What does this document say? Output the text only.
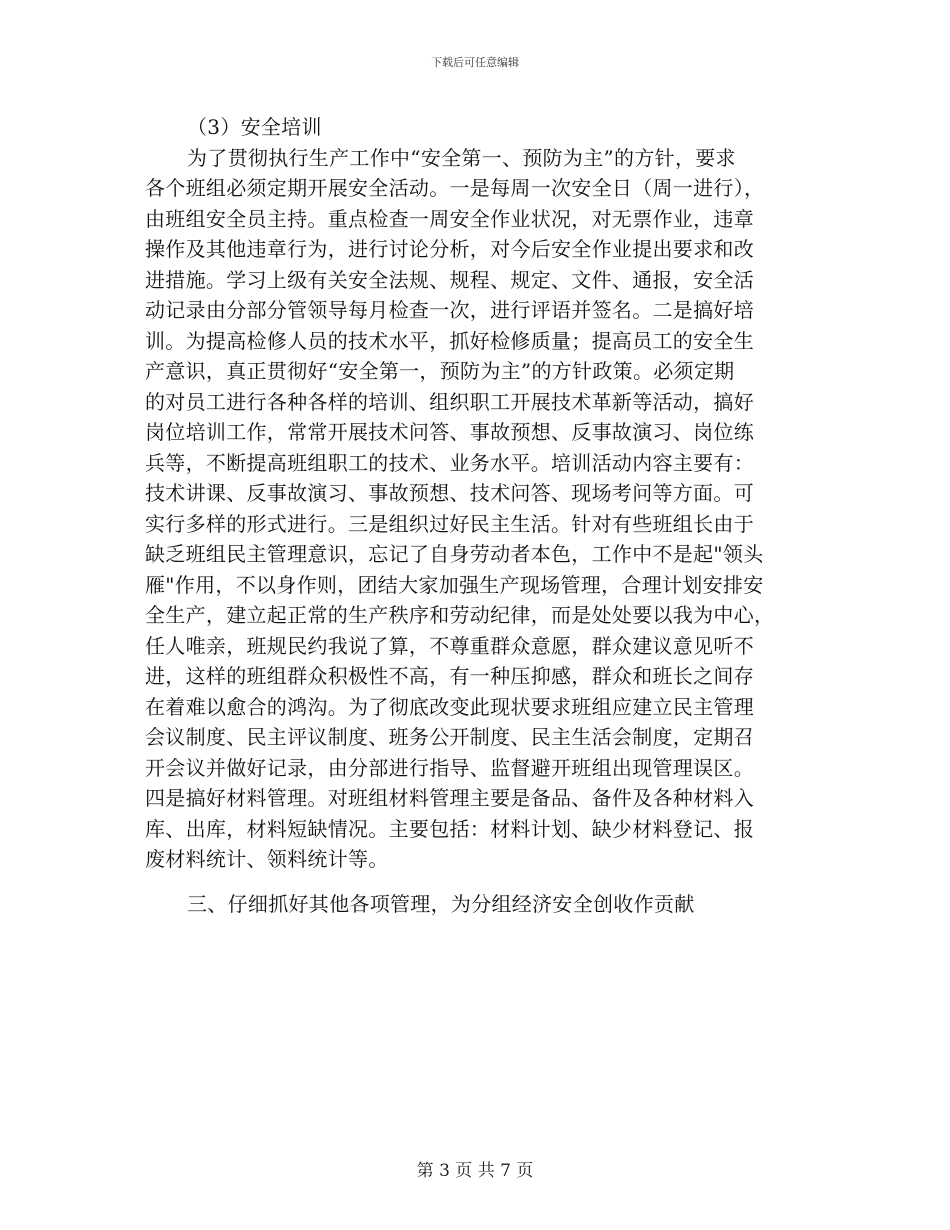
下载后可任意编辑
（3）安全培训
为了贯彻执行生产工作中“安全第一、预防为主”的方针，要求
各个班组必须定期开展安全活动。一是每周一次安全日（周一进行），
由班组安全员主持。重点检查一周安全作业状况，对无票作业，违章
操作及其他违章行为，进行讨论分析，对今后安全作业提出要求和改
进措施。学习上级有关安全法规、规程、规定、文件、通报，安全活
动记录由分部分管领导每月检查一次，进行评语并签名。二是搞好培
训。为提高检修人员的技术水平，抓好检修质量；提高员工的安全生
产意识，真正贯彻好“安全第一，预防为主”的方针政策。必须定期
的对员工进行各种各样的培训、组织职工开展技术革新等活动，搞好
岗位培训工作，常常开展技术问答、事故预想、反事故演习、岗位练
兵等，不断提高班组职工的技术、业务水平。培训活动内容主要有：
技术讲课、反事故演习、事故预想、技术问答、现场考问等方面。可
实行多样的形式进行。三是组织过好民主生活。针对有些班组长由于
缺乏班组民主管理意识，忘记了自身劳动者本色，工作中不是起"领头
雁"作用，不以身作则，团结大家加强生产现场管理，合理计划安排安
全生产，建立起正常的生产秩序和劳动纪律，而是处处要以我为中心，
任人唯亲，班规民约我说了算，不尊重群众意愿，群众建议意见听不
进，这样的班组群众积极性不高，有一种压抑感，群众和班长之间存
在着难以愈合的鸿沟。为了彻底改变此现状要求班组应建立民主管理
会议制度、民主评议制度、班务公开制度、民主生活会制度，定期召
开会议并做好记录，由分部进行指导、监督避开班组出现管理误区。
四是搞好材料管理。对班组材料管理主要是备品、备件及各种材料入
库、出库，材料短缺情况。主要包括：材料计划、缺少材料登记、报
废材料统计、领料统计等。
三、仔细抓好其他各项管理，为分组经济安全创收作贡献
第 3 页 共 7 页
